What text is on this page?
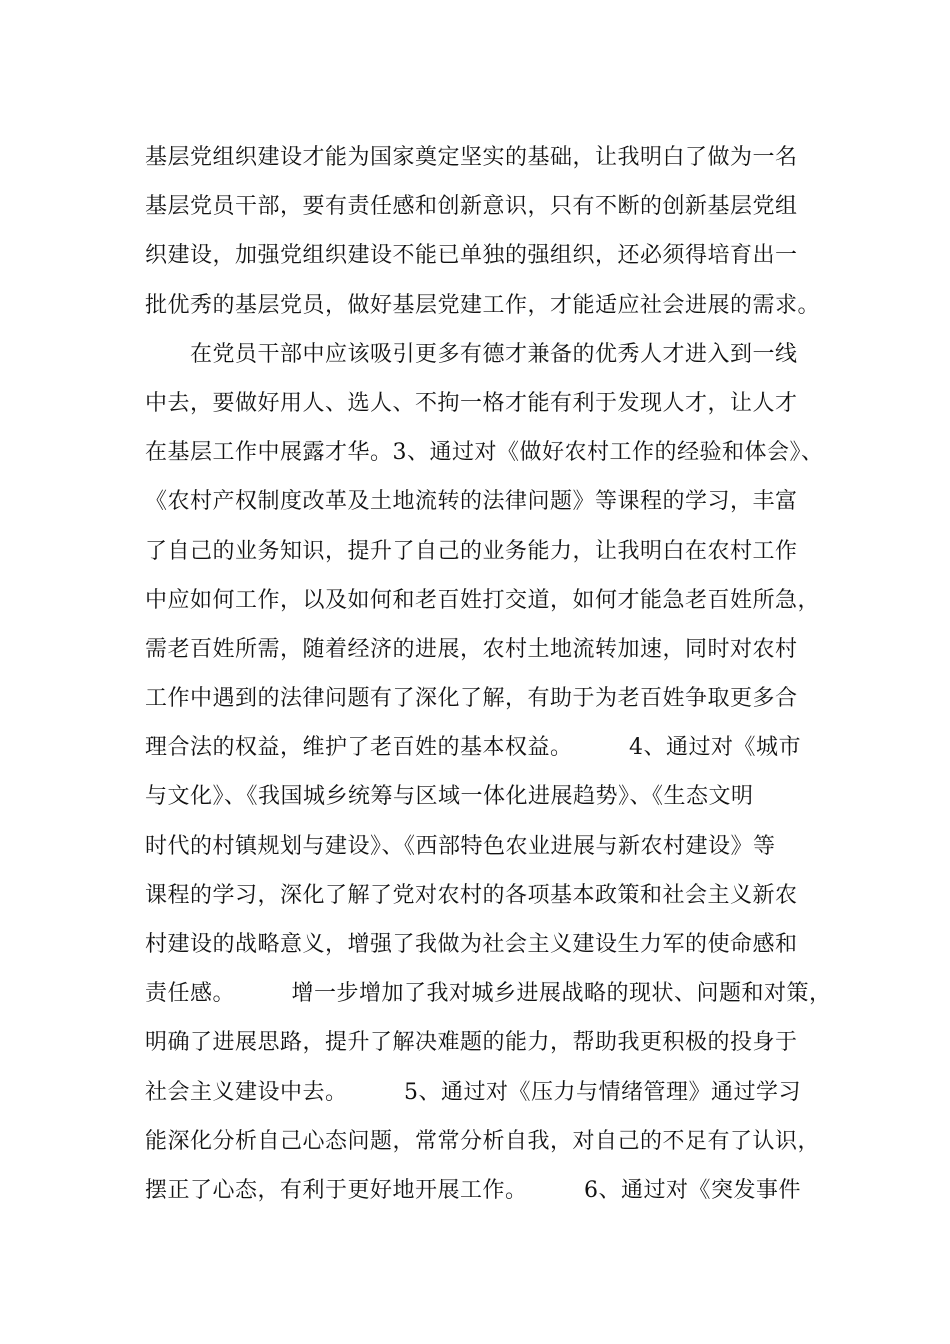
基层党组织建设才能为国家奠定坚实的基础，让我明白了做为一名
基层党员干部，要有责任感和创新意识，只有不断的创新基层党组
织建设，加强党组织建设不能已单独的强组织，还必须得培育出一
批优秀的基层党员，做好基层党建工作，才能适应社会进展的需求。
　　在党员干部中应该吸引更多有德才兼备的优秀人才进入到一线
中去，要做好用人、选人、不拘一格才能有利于发现人才，让人才
在基层工作中展露才华。3、通过对《做好农村工作的经验和体会》、
《农村产权制度改革及土地流转的法律问题》等课程的学习，丰富
了自己的业务知识，提升了自己的业务能力，让我明白在农村工作
中应如何工作，以及如何和老百姓打交道，如何才能急老百姓所急，
需老百姓所需，随着经济的进展，农村土地流转加速，同时对农村
工作中遇到的法律问题有了深化了解，有助于为老百姓争取更多合
理合法的权益，维护了老百姓的基本权益。　　　4、通过对《城市
与文化》、《我国城乡统筹与区域一体化进展趋势》、《生态文明
时代的村镇规划与建设》、《西部特色农业进展与新农村建设》等
课程的学习，深化了解了党对农村的各项基本政策和社会主义新农
村建设的战略意义，增强了我做为社会主义建设生力军的使命感和
责任感。　　　增一步增加了我对城乡进展战略的现状、问题和对策，
明确了进展思路，提升了解决难题的能力，帮助我更积极的投身于
社会主义建设中去。　　　5、通过对《压力与情绪管理》通过学习
能深化分析自己心态问题，常常分析自我，对自己的不足有了认识，
摆正了心态，有利于更好地开展工作。　　　6、通过对《突发事件
